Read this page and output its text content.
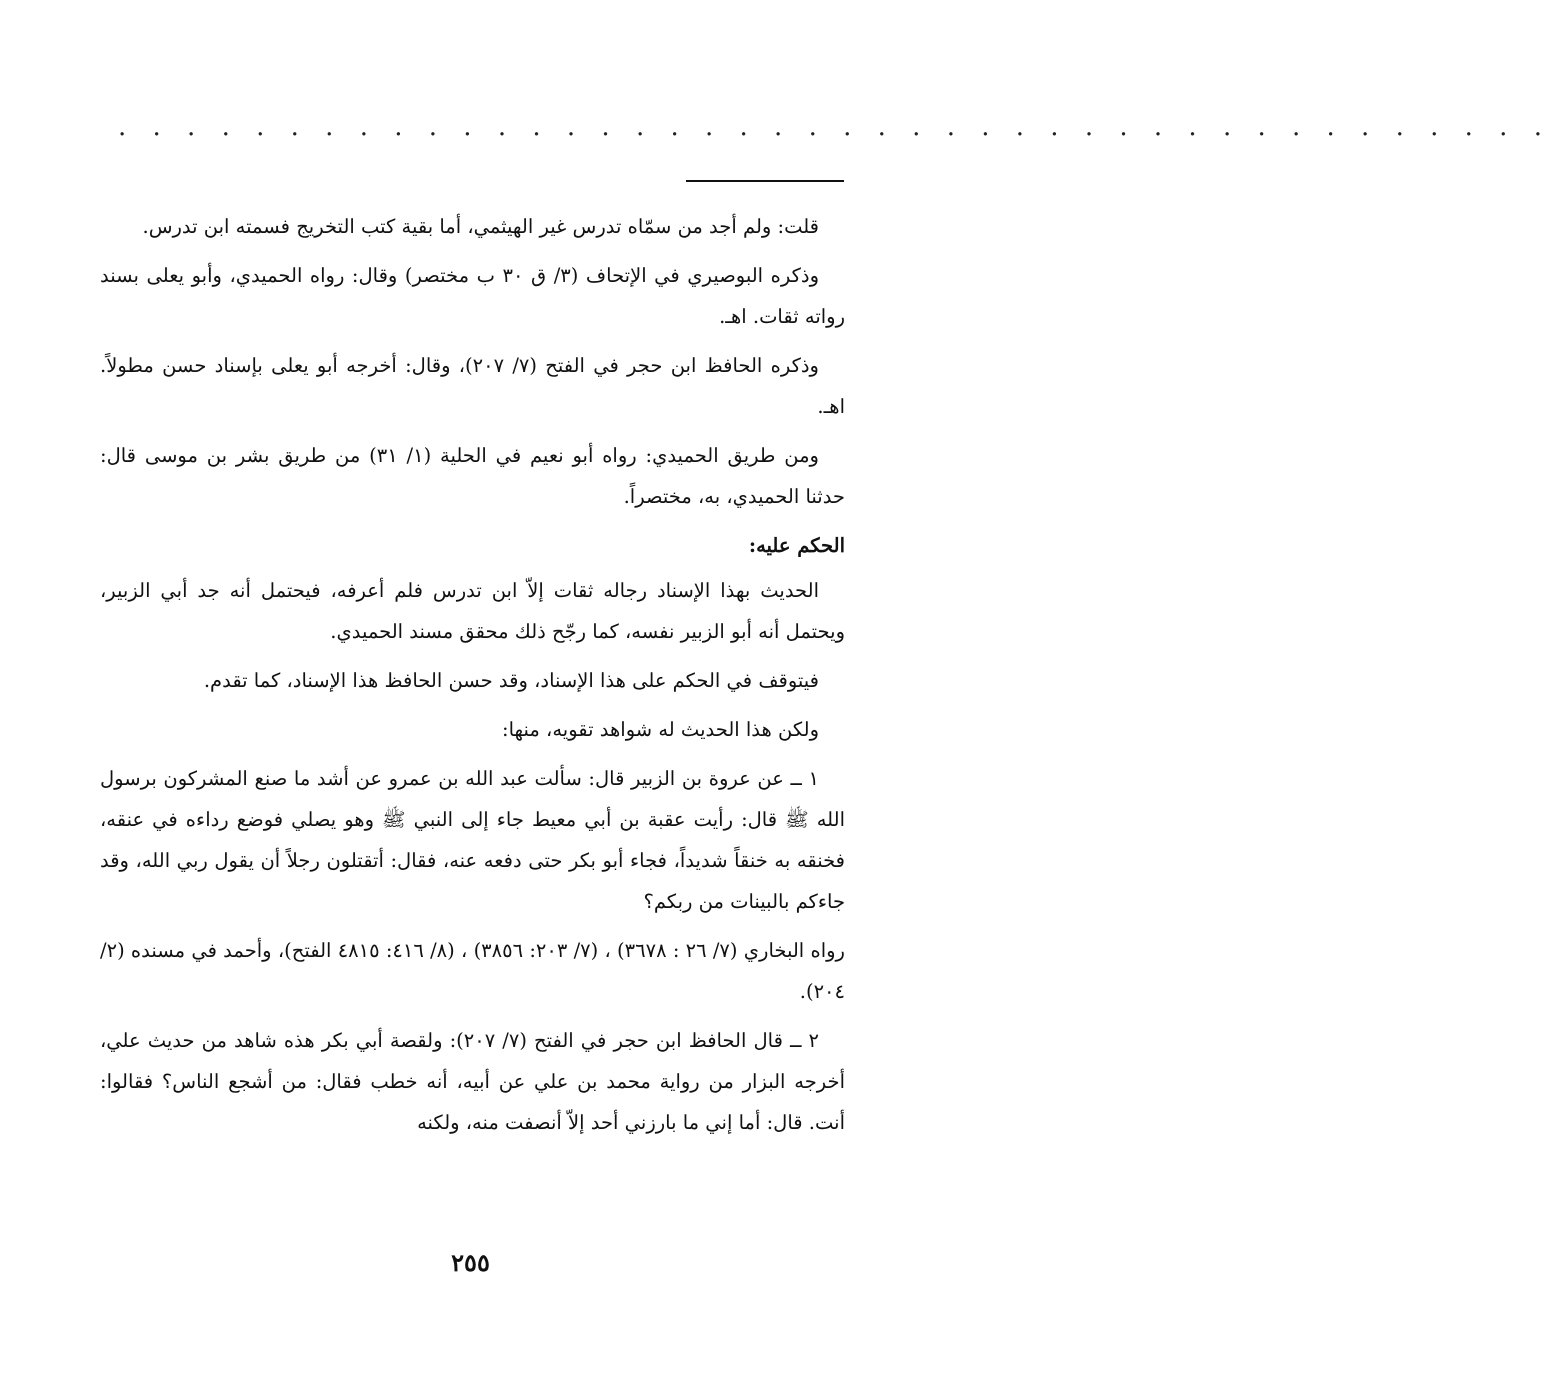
. . . . . . . . . . . . . . . . . . . . . . . . . . . . . . . . . . . . . . . . . .

قلت: ولم أجد من سمّاه تدرس غير الهيثمي، أما بقية كتب التخريج فسمته ابن تدرس.

وذكره البوصيري في الإتحاف (٣/ ق ٣٠ ب مختصر) وقال: رواه الحميدي، وأبو يعلى بسند رواته ثقات. اهـ.

وذكره الحافظ ابن حجر في الفتح (٧/ ٢٠٧)، وقال: أخرجه أبو يعلى بإسناد حسن مطولاً. اهـ.

ومن طريق الحميدي: رواه أبو نعيم في الحلية (١/ ٣١) من طريق بشر بن موسى قال: حدثنا الحميدي، به، مختصراً.

الحكم عليه:

الحديث بهذا الإسناد رجاله ثقات إلاّ ابن تدرس فلم أعرفه، فيحتمل أنه جد أبي الزبير، ويحتمل أنه أبو الزبير نفسه، كما رجّح ذلك محقق مسند الحميدي.

فيتوقف في الحكم على هذا الإسناد، وقد حسن الحافظ هذا الإسناد، كما تقدم.

ولكن هذا الحديث له شواهد تقويه، منها:

١ ــ عن عروة بن الزبير قال: سألت عبد الله بن عمرو عن أشد ما صنع المشركون برسول الله ﷺ قال: رأيت عقبة بن أبي معيط جاء إلى النبي ﷺ وهو يصلي فوضع رداءه في عنقه، فخنقه به خنقاً شديداً، فجاء أبو بكر حتى دفعه عنه، فقال: أتقتلون رجلاً أن يقول ربي الله، وقد جاءكم بالبينات من ربكم؟

رواه البخاري (٧/ ٢٦ : ٣٦٧٨) ، (٧/ ٢٠٣: ٣٨٥٦) ، (٨/ ٤١٦: ٤٨١٥ الفتح)، وأحمد في مسنده (٢/ ٢٠٤).

٢ ــ قال الحافظ ابن حجر في الفتح (٧/ ٢٠٧): ولقصة أبي بكر هذه شاهد من حديث علي، أخرجه البزار من رواية محمد بن علي عن أبيه، أنه خطب فقال: من أشجع الناس؟ فقالوا: أنت. قال: أما إني ما بارزني أحد إلاّ أنصفت منه، ولكنه

٢٥٥
